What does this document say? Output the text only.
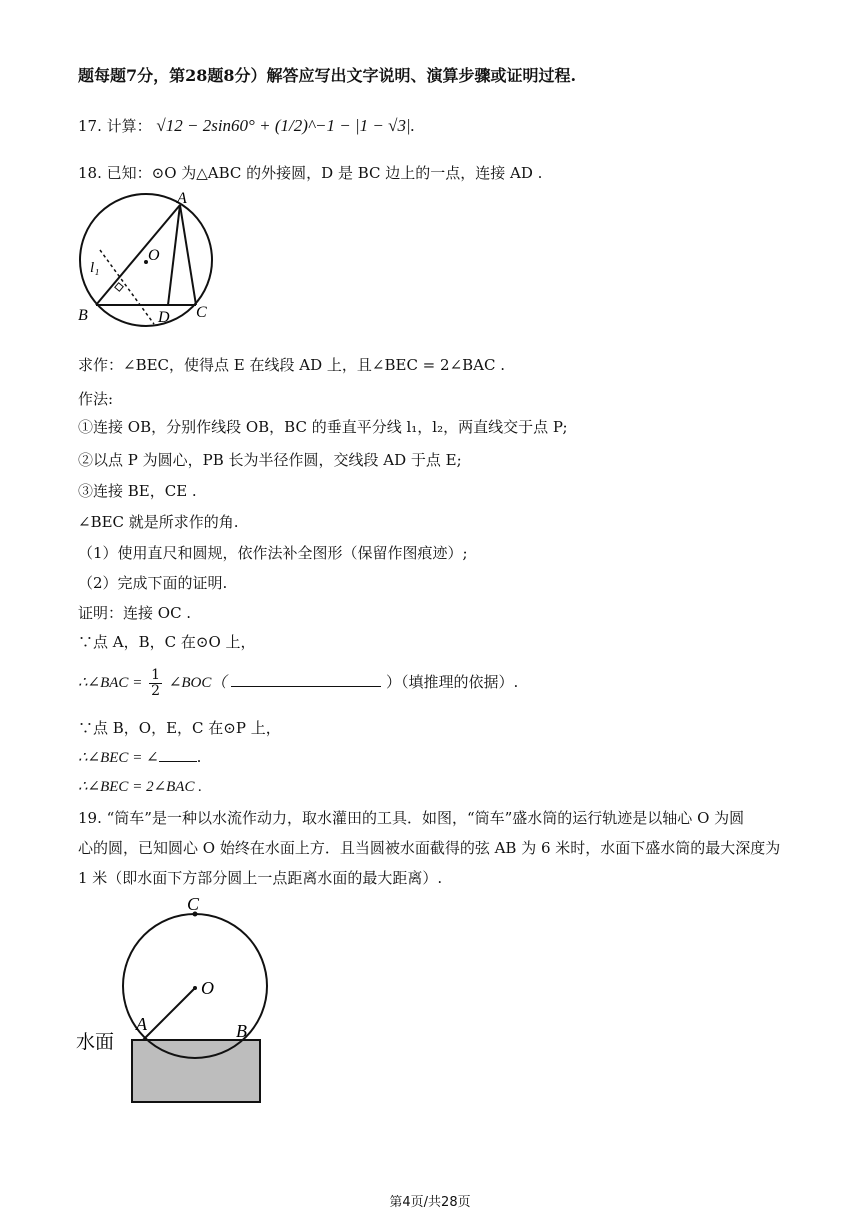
题每题7分，第28题8分）解答应写出文字说明、演算步骤或证明过程.
17. 计算： √12 − 2sin60° + (1/2)^−1 − |1 − √3|.
18. 已知：⊙O 为△ABC 的外接圆，D 是 BC 边上的一点，连接 AD .
A
O
l₁
B	D C
求作：∠BEC，使得点 E 在线段 AD 上，且∠BEC = 2∠BAC .
作法:
①连接 OB，分别作线段 OB，BC 的垂直平分线 l₁，l₂，两直线交于点 P;
②以点 P 为圆心，PB 长为半径作圆，交线段 AD 于点 E;
③连接 BE，CE .
∠BEC 就是所求作的角.
（1）使用直尺和圆规，依作法补全图形（保留作图痕迹）;
（2）完成下面的证明.
证明：连接 OC .
∵点 A，B，C 在⊙O 上，
∴∠BAC = $\frac{1}{2}$ ∠BOC（	）（填推理的依据）.
∵点 B，O，E，C 在⊙P 上，
∴∠BEC = ∠	.
∴∠BEC = 2∠BAC .
19. “筒车”是一种以水流作动力，取水灌田的工具．如图，“筒车”盛水筒的运行轨迹是以轴心 O 为圆
心的圆，已知圆心 O 始终在水面上方．且当圆被水面截得的弦 AB 为 6 米时，水面下盛水筒的最大深度为
1 米（即水面下方部分圆上一点距离水面的最大距离）.
C
O
A	B
水面
第4页/共28页
